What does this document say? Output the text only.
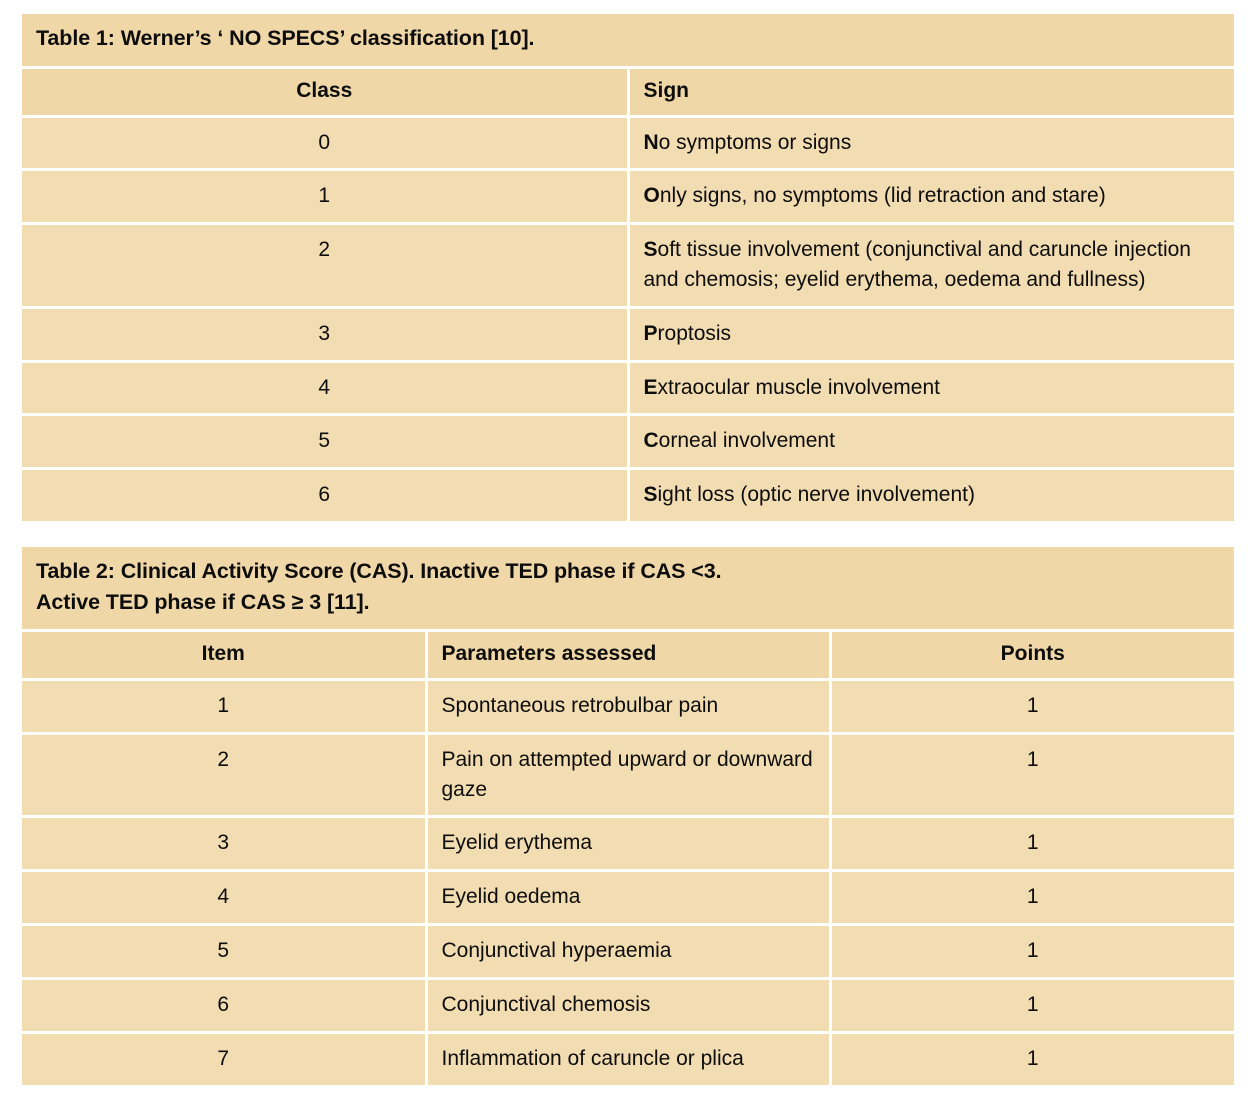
Table 1: Werner’s ‘ NO SPECS’ classification [10].	
Class	Sign
0	No symptoms or signs
1	Only signs, no symptoms (lid retraction and stare)
2	Soft tissue involvement (conjunctival and caruncle injection and chemosis; eyelid erythema, oedema and fullness)
3	Proptosis
4	Extraocular muscle involvement
5	Corneal involvement
6	Sight loss (optic nerve involvement)
Table 2: Clinical Activity Score (CAS). Inactive TED phase if CAS <3.
Active TED phase if CAS ≥ 3 [11].		

Item	Parameters assessed	Points
1	Spontaneous retrobulbar pain	1
2	Pain on attempted upward or downward gaze	1
3	Eyelid erythema	1
4	Eyelid oedema	1
5	Conjunctival hyperaemia	1
6	Conjunctival chemosis	1
7	Inflammation of caruncle or plica	1
